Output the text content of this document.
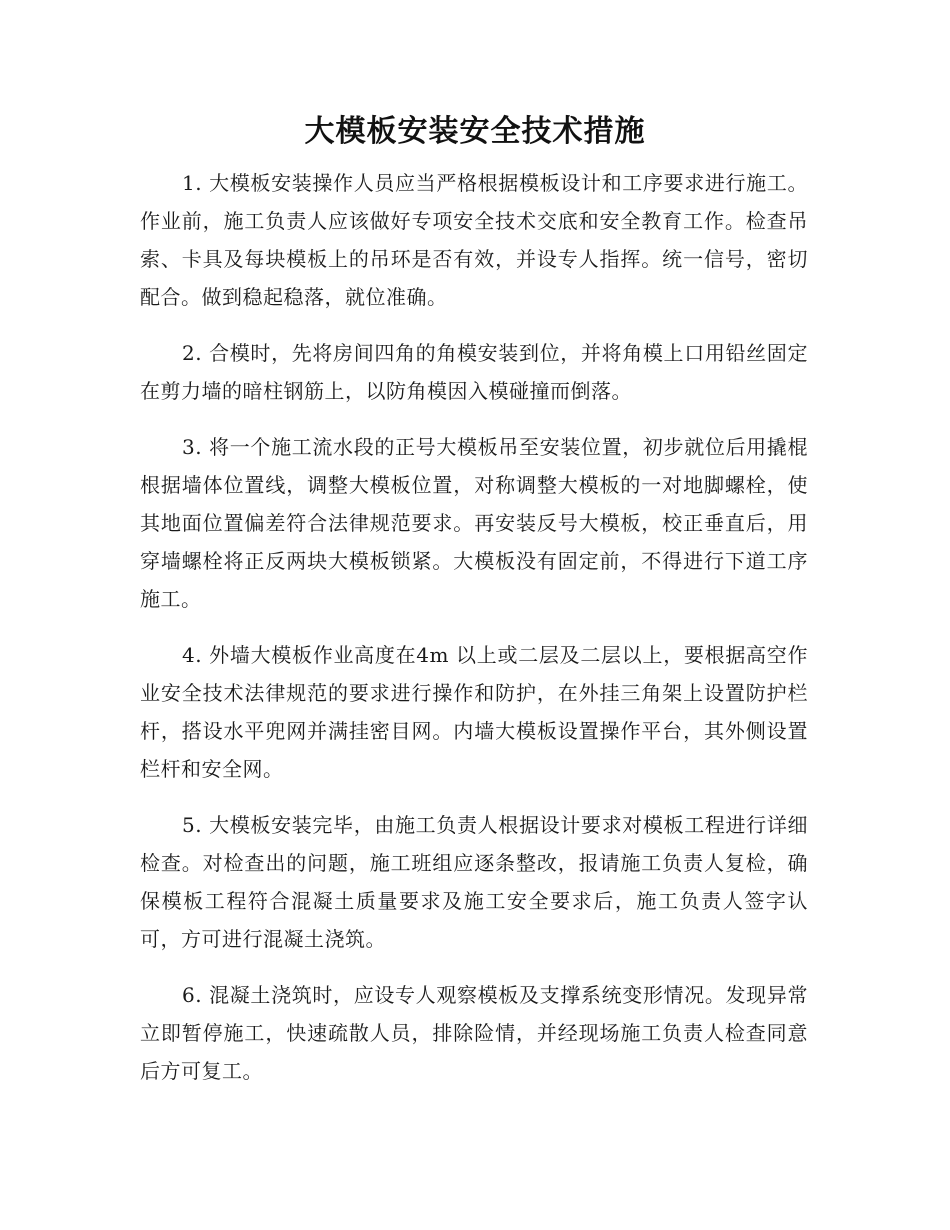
大模板安装安全技术措施

1. 大模板安装操作人员应当严格根据模板设计和工序要求进行施工。作业前，施工负责人应该做好专项安全技术交底和安全教育工作。检查吊索、卡具及每块模板上的吊环是否有效，并设专人指挥。统一信号，密切配合。做到稳起稳落，就位准确。

2. 合模时，先将房间四角的角模安装到位，并将角模上口用铅丝固定在剪力墙的暗柱钢筋上，以防角模因入模碰撞而倒落。

3. 将一个施工流水段的正号大模板吊至安装位置，初步就位后用撬棍根据墙体位置线，调整大模板位置，对称调整大模板的一对地脚螺栓，使其地面位置偏差符合法律规范要求。再安装反号大模板，校正垂直后，用穿墙螺栓将正反两块大模板锁紧。大模板没有固定前，不得进行下道工序施工。

4. 外墙大模板作业高度在4m 以上或二层及二层以上，要根据高空作业安全技术法律规范的要求进行操作和防护，在外挂三角架上设置防护栏杆，搭设水平兜网并满挂密目网。内墙大模板设置操作平台，其外侧设置栏杆和安全网。

5. 大模板安装完毕，由施工负责人根据设计要求对模板工程进行详细检查。对检查出的问题，施工班组应逐条整改，报请施工负责人复检，确保模板工程符合混凝土质量要求及施工安全要求后，施工负责人签字认可，方可进行混凝土浇筑。

6. 混凝土浇筑时，应设专人观察模板及支撑系统变形情况。发现异常立即暂停施工，快速疏散人员，排除险情，并经现场施工负责人检查同意后方可复工。
